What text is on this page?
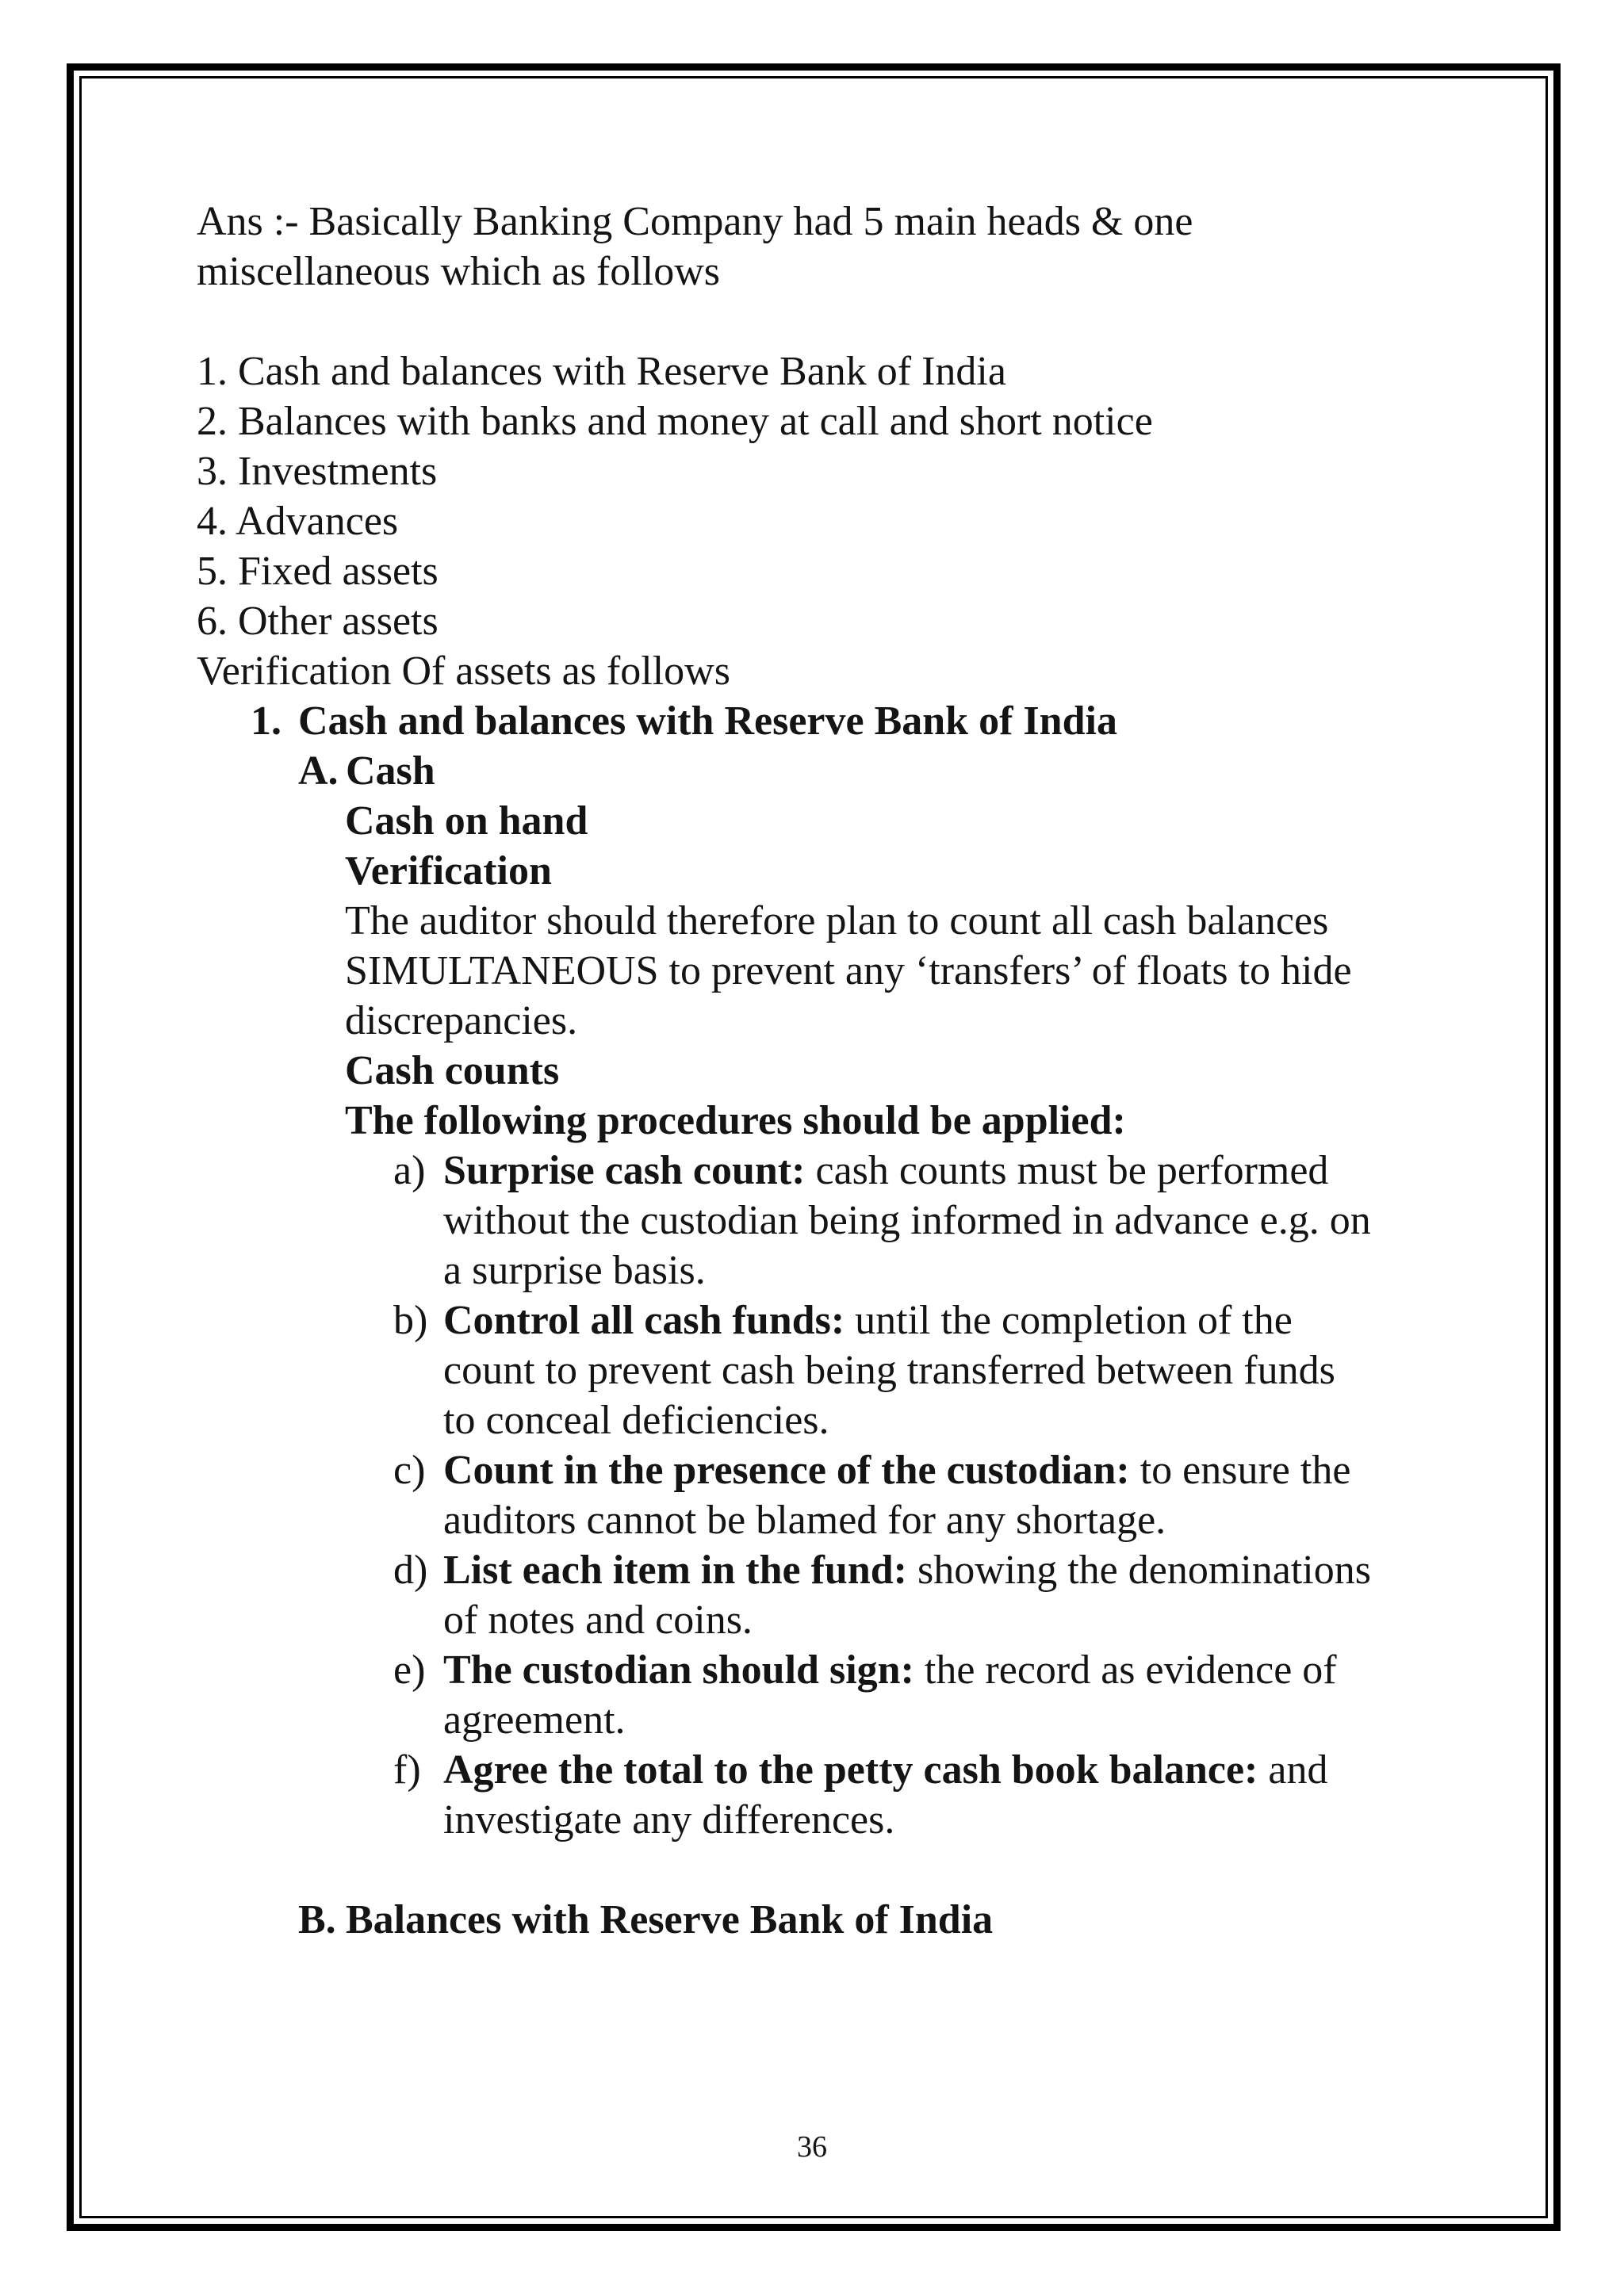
Ans :- Basically Banking Company had 5 main heads & one
miscellaneous which as follows
1. Cash and balances with Reserve Bank of India
2. Balances with banks and money at call and short notice
3. Investments
4. Advances
5. Fixed assets
6. Other assets
Verification Of assets as follows
1. Cash and balances with Reserve Bank of India
A. Cash
Cash on hand
Verification
The auditor should therefore plan to count all cash balances
SIMULTANEOUS to prevent any ‘transfers’ of floats to hide
discrepancies.
Cash counts
The following procedures should be applied:
a) Surprise cash count: cash counts must be performed
without the custodian being informed in advance e.g. on
a surprise basis.
b) Control all cash funds: until the completion of the
count to prevent cash being transferred between funds
to conceal deficiencies.
c) Count in the presence of the custodian: to ensure the
auditors cannot be blamed for any shortage.
d) List each item in the fund: showing the denominations
of notes and coins.
e) The custodian should sign: the record as evidence of
agreement.
f) Agree the total to the petty cash book balance: and
investigate any differences.
B. Balances with Reserve Bank of India
36
